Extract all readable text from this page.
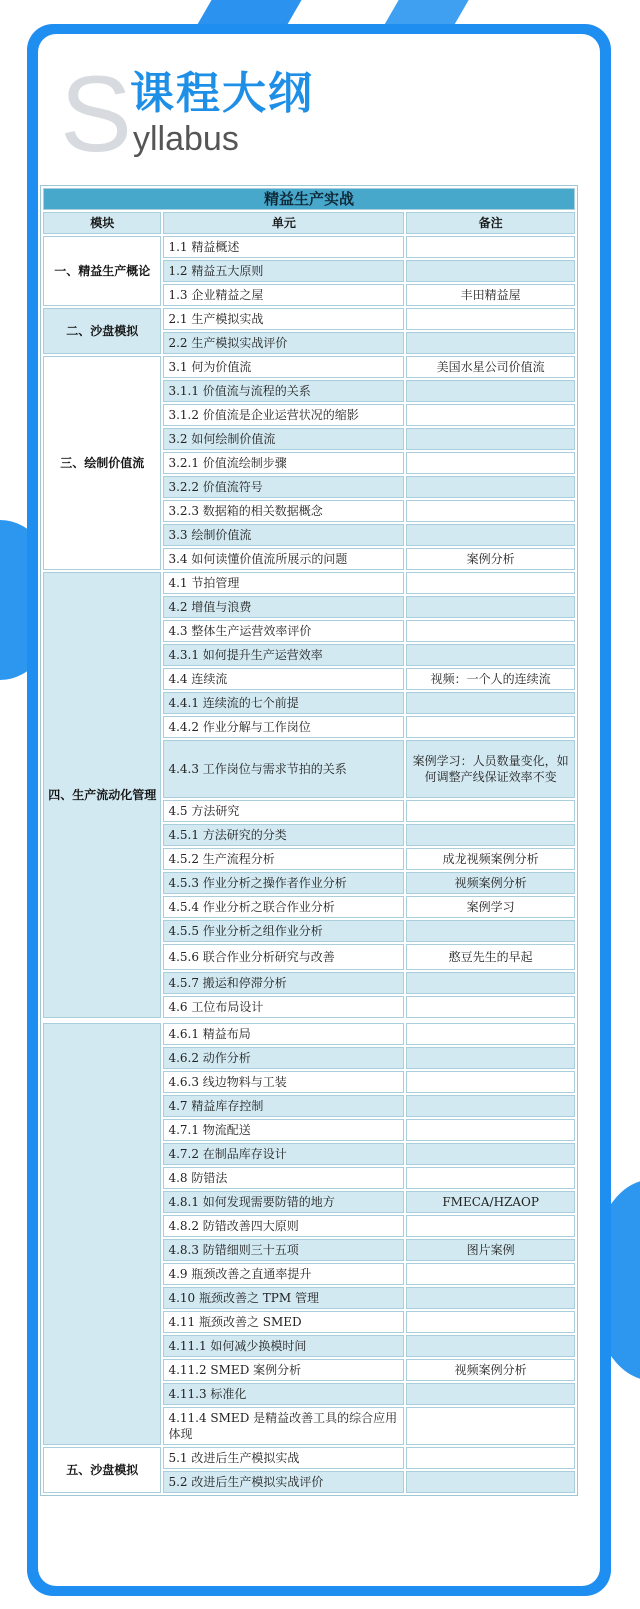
S
课程大纲
yllabus
精益生产实战		
模块	单元	备注
一、精益生产概论	1.1 精益概述	
	1.2 精益五大原则	
	1.3 企业精益之屋	丰田精益屋
二、沙盘模拟	2.1 生产模拟实战	
	2.2 生产模拟实战评价	
三、绘制价值流	3.1 何为价值流	美国水星公司价值流
	3.1.1 价值流与流程的关系	
	3.1.2 价值流是企业运营状况的缩影	
	3.2 如何绘制价值流	
	3.2.1 价值流绘制步骤	
	3.2.2 价值流符号	
	3.2.3 数据箱的相关数据概念	
	3.3 绘制价值流	
	3.4 如何读懂价值流所展示的问题	案例分析
四、生产流动化管理	4.1 节拍管理	
	4.2 增值与浪费	
	4.3 整体生产运营效率评价	
	4.3.1 如何提升生产运营效率	
	4.4 连续流	视频：一个人的连续流
	4.4.1 连续流的七个前提	
	4.4.2 作业分解与工作岗位	
	4.4.3 工作岗位与需求节拍的关系	案例学习：人员数量变化，如何调整产线保证效率不变
	4.5 方法研究	
	4.5.1 方法研究的分类	
	4.5.2 生产流程分析	成龙视频案例分析
	4.5.3 作业分析之操作者作业分析	视频案例分析
	4.5.4 作业分析之联合作业分析	案例学习
	4.5.5 作业分析之组作业分析	
	4.5.6 联合作业分析研究与改善	憨豆先生的早起
	4.5.7 搬运和停滞分析	
	4.6 工位布局设计	

	4.6.1 精益布局	
	4.6.2 动作分析	
	4.6.3 线边物料与工装	
	4.7 精益库存控制	
	4.7.1 物流配送	
	4.7.2 在制品库存设计	
	4.8 防错法	
	4.8.1 如何发现需要防错的地方	FMECA/HZAOP
	4.8.2 防错改善四大原则	
	4.8.3 防错细则三十五项	图片案例
	4.9 瓶颈改善之直通率提升	
	4.10 瓶颈改善之 TPM 管理	
	4.11 瓶颈改善之 SMED	
	4.11.1 如何减少换模时间	
	4.11.2 SMED 案例分析	视频案例分析
	4.11.3 标准化	
	4.11.4 SMED 是精益改善工具的综合应用体现	
五、沙盘模拟	5.1 改进后生产模拟实战	
	5.2 改进后生产模拟实战评价	
